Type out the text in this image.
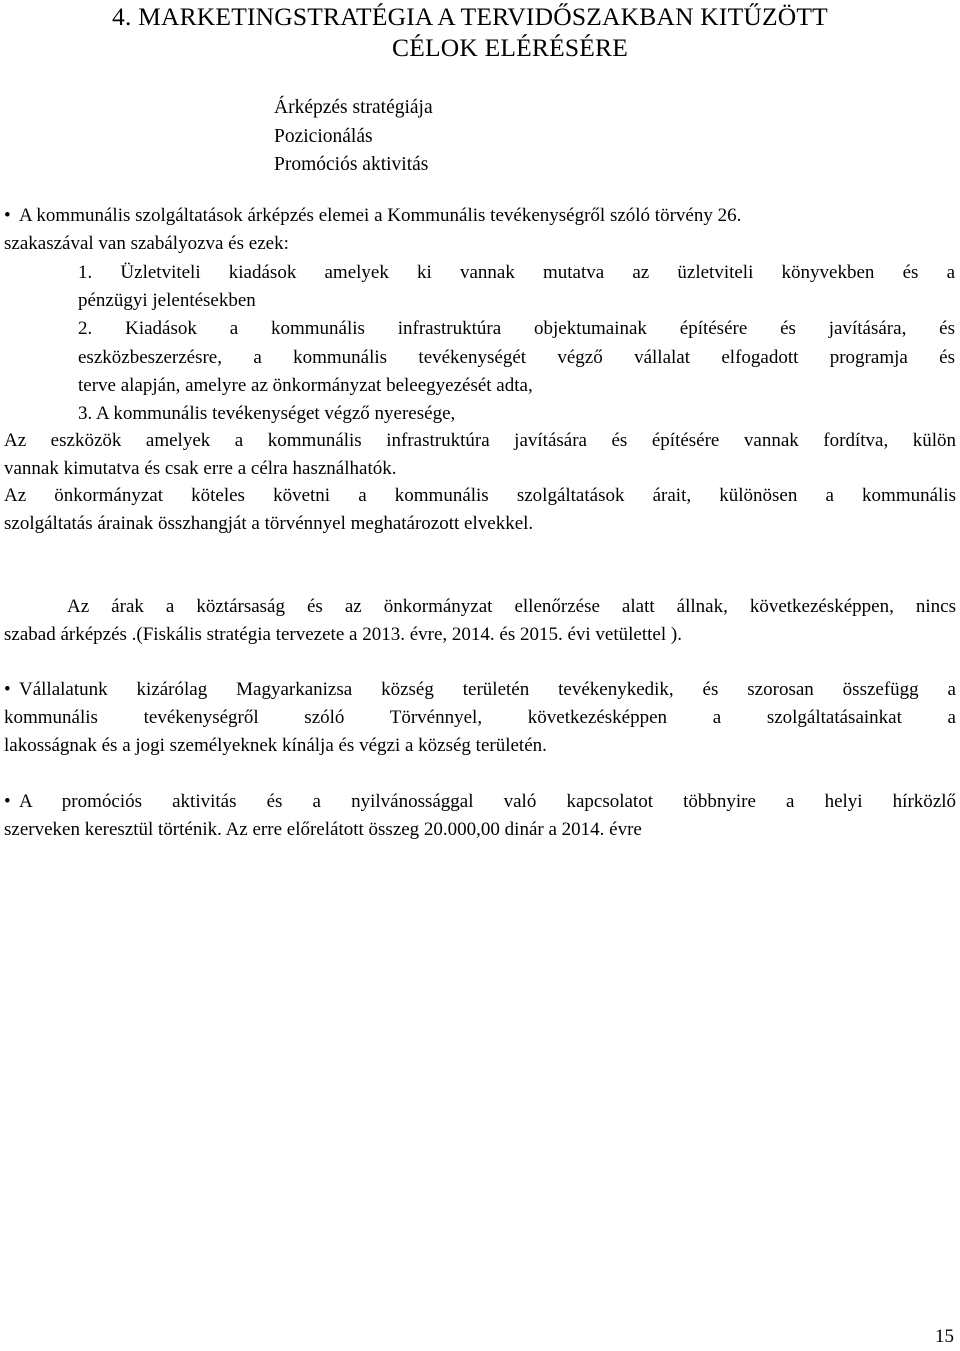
4. MARKETINGSTRATÉGIA A TERVIDŐSZAKBAN KITŰZÖTT
CÉLOK ELÉRÉSÉRE
Árképzés stratégiája
Pozicionálás
Promóciós aktivitás
• A kommunális szolgáltatások árképzés elemei a Kommunális tevékenységről szóló törvény 26.
szakaszával van szabályozva és ezek:
1. Üzletviteli kiadások amelyek ki vannak mutatva az üzletviteli könyvekben és a
pénzügyi jelentésekben
2. Kiadások a kommunális infrastruktúra objektumainak építésére és javítására, és
eszközbeszerzésre, a kommunális tevékenységét végző vállalat elfogadott programja és
terve alapján, amelyre az önkormányzat beleegyezését adta,
3. A kommunális tevékenységet végző nyeresége,
Az eszközök amelyek a kommunális infrastruktúra javítására és építésére vannak fordítva, külön
vannak kimutatva és csak erre a célra használhatók.
Az önkormányzat köteles követni a kommunális szolgáltatások árait, különösen a kommunális
szolgáltatás árainak összhangját a törvénnyel meghatározott elvekkel.
Az árak a köztársaság és az önkormányzat ellenőrzése alatt állnak, következésképpen, nincs
szabad árképzés .(Fiskális stratégia tervezete a 2013. évre, 2014. és 2015. évi vetülettel ).
• Vállalatunk kizárólag Magyarkanizsa község területén tevékenykedik, és szorosan összefügg a
kommunális tevékenységről szóló Törvénnyel, következésképpen a szolgáltatásainkat a
lakosságnak és a jogi személyeknek kínálja és végzi a község területén.
• A promóciós aktivitás és a nyilvánossággal való kapcsolatot többnyire a helyi hírközlő
szerveken keresztül történik. Az erre előrelátott összeg 20.000,00 dinár a 2014. évre
15
